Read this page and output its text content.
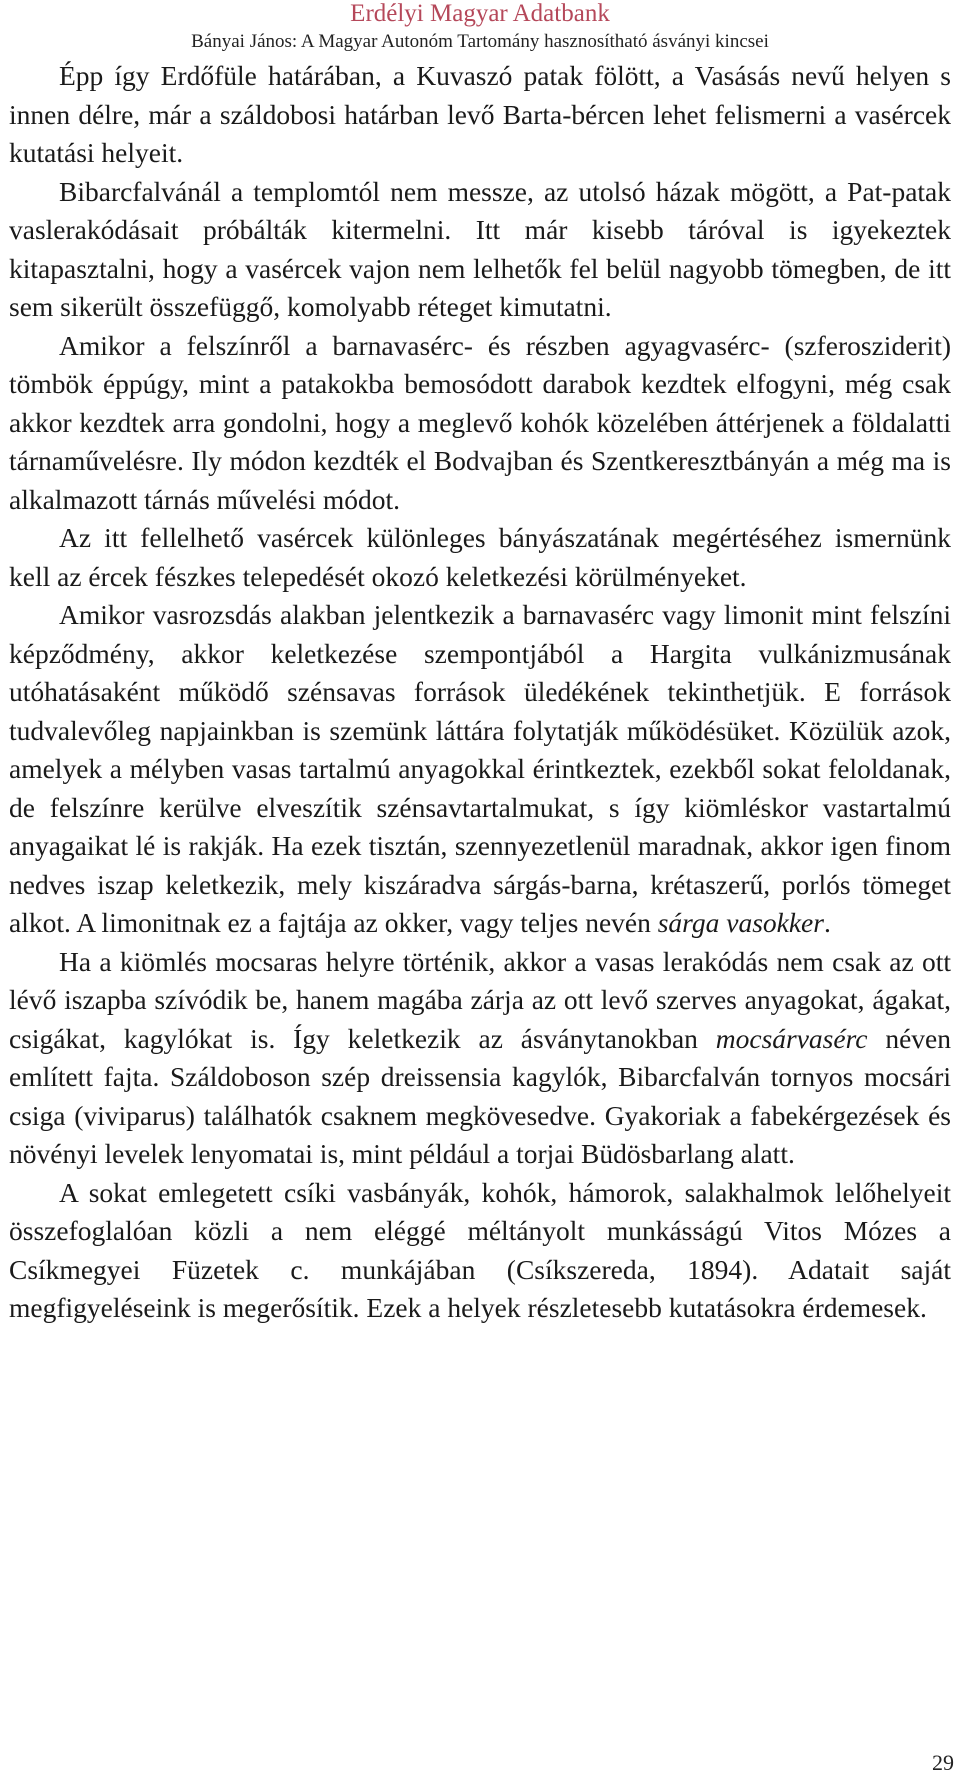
Erdélyi Magyar Adatbank
Bányai János: A Magyar Autonóm Tartomány hasznosítható ásványi kincsei

Épp így Erdőfüle határában, a Kuvaszó patak fölött, a Vasásás nevű helyen s innen délre, már a száldobosi határban levő Barta-bércen lehet felismerni a vasércek kutatási helyeit.

Bibarcfalvánál a templomtól nem messze, az utolsó házak mögött, a Pat-patak vaslerakódásait próbálták kitermelni. Itt már kisebb táróval is igyekeztek kitapasztalni, hogy a vasércek vajon nem lelhetők fel belül nagyobb tömegben, de itt sem sikerült összefüggő, komolyabb réteget kimutatni.

Amikor a felszínről a barnavasérc- és részben agyagvasérc- (szferosziderit) tömbök éppúgy, mint a patakokba bemosódott darabok kezdtek elfogyni, még csak akkor kezdtek arra gondolni, hogy a meglevő kohók közelében áttérjenek a földalatti tárnaművelésre. Ily módon kezdték el Bodvajban és Szentkeresztbányán a még ma is alkalmazott tárnás művelési módot.

Az itt fellelhető vasércek különleges bányászatának megértéséhez ismernünk kell az ércek fészkes telepedését okozó keletkezési körülményeket.

Amikor vasrozsdás alakban jelentkezik a barnavasérc vagy limonit mint felszíni képződmény, akkor keletkezése szempontjából a Hargita vulkánizmusának utóhatásaként működő szénsavas források üledékének tekinthetjük. E források tudvalevőleg napjainkban is szemünk láttára folytatják működésüket. Közülük azok, amelyek a mélyben vasas tartalmú anyagokkal érintkeztek, ezekből sokat feloldanak, de felszínre kerülve elveszítik szénsavtartalmukat, s így kiömléskor vastartalmú anyagaikat lé is rakják. Ha ezek tisztán, szennyezetlenül maradnak, akkor igen finom nedves iszap keletkezik, mely kiszáradva sárgás-barna, krétaszerű, porlós tömeget alkot. A limonitnak ez a fajtája az okker, vagy teljes nevén sárga vasokker.

Ha a kiömlés mocsaras helyre történik, akkor a vasas lerakódás nem csak az ott lévő iszapba szívódik be, hanem magába zárja az ott levő szerves anyagokat, ágakat, csigákat, kagylókat is. Így keletkezik az ásványtanokban mocsárvasérc néven említett fajta. Száldoboson szép dreissensia kagylók, Bibarcfalván tornyos mocsári csiga (viviparus) találhatók csaknem megkövesedve. Gyakoriak a fabekérgezések és növényi levelek lenyomatai is, mint például a torjai Büdösbarlang alatt.

A sokat emlegetett csíki vasbányák, kohók, hámorok, salakhalmok lelőhelyeit összefoglalóan közli a nem eléggé méltányolt munkásságú Vitos Mózes a Csíkmegyei Füzetek c. munkájában (Csíkszereda, 1894). Adatait saját megfigyeléseink is megerősítik. Ezek a helyek részletesebb kutatásokra érdemesek.

29
